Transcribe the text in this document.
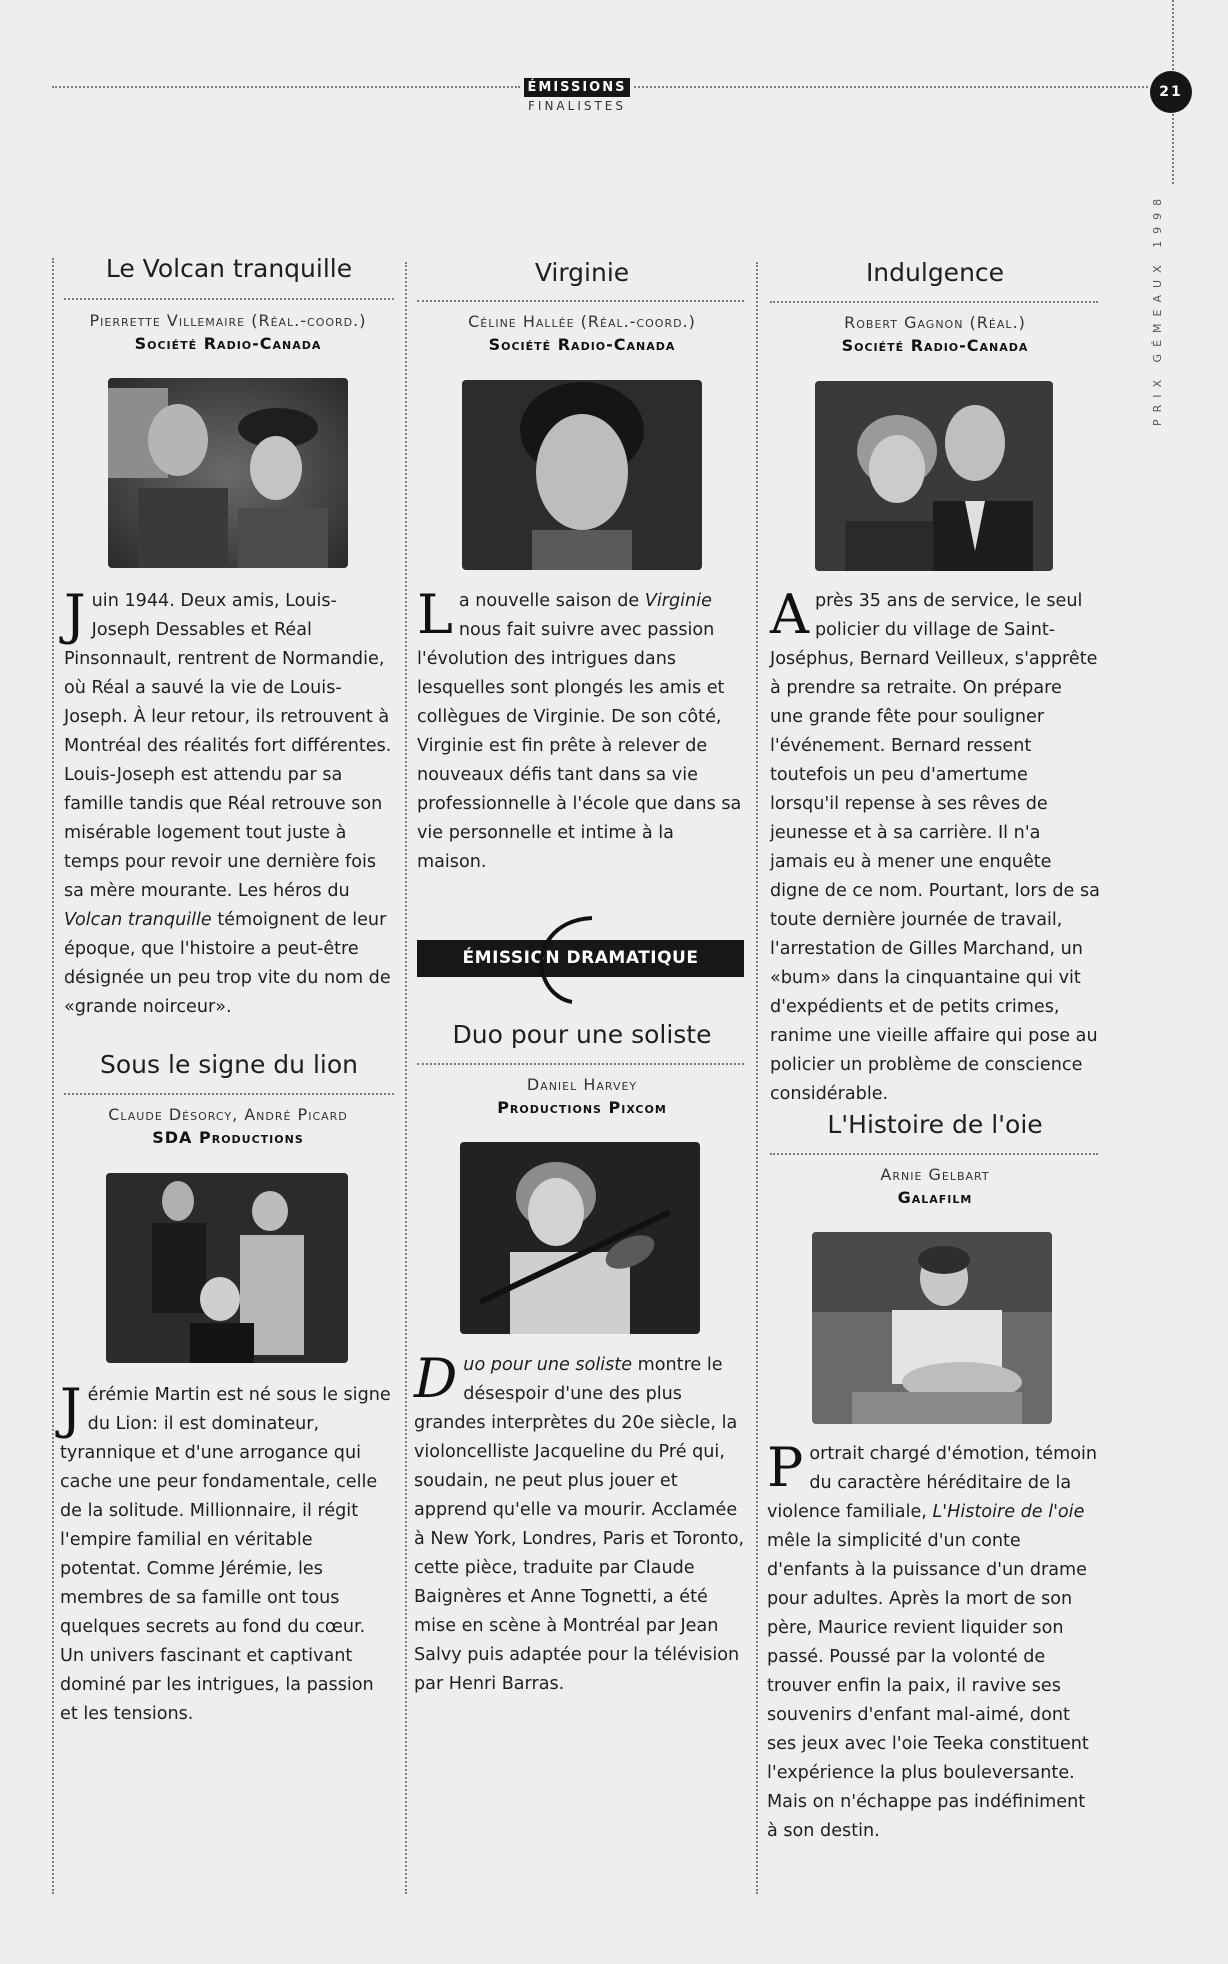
ÉMISSIONS
FINALISTES
21
PRIX GÉMEAUX 1998
Le Volcan tranquille
Pierrette Villemaire (Réal.-coord.)
Société Radio-Canada
Juin 1944. Deux amis, Louis-Joseph Dessables et Réal Pinsonnault, rentrent de Normandie, où Réal a sauvé la vie de Louis-Joseph. À leur retour, ils retrouvent à Montréal des réalités fort différentes. Louis-Joseph est attendu par sa famille tandis que Réal retrouve son misérable logement tout juste à temps pour revoir une dernière fois sa mère mourante. Les héros du Volcan tranquille témoignent de leur époque, que l'histoire a peut-être désignée un peu trop vite du nom de «grande noirceur».
Virginie
Céline Hallée (Réal.-coord.)
Société Radio-Canada
La nouvelle saison de Virginie nous fait suivre avec passion l'évolution des intrigues dans lesquelles sont plongés les amis et collègues de Virginie. De son côté, Virginie est fin prête à relever de nouveaux défis tant dans sa vie professionnelle à l'école que dans sa vie personnelle et intime à la maison.
ÉMISSION DRAMATIQUE
Indulgence
Robert Gagnon (Réal.)
Société Radio-Canada
Après 35 ans de service, le seul policier du village de Saint-Joséphus, Bernard Veilleux, s'apprête à prendre sa retraite. On prépare une grande fête pour souligner l'événement. Bernard ressent toutefois un peu d'amertume lorsqu'il repense à ses rêves de jeunesse et à sa carrière. Il n'a jamais eu à mener une enquête digne de ce nom. Pourtant, lors de sa toute dernière journée de travail, l'arrestation de Gilles Marchand, un «bum» dans la cinquantaine qui vit d'expédients et de petits crimes, ranime une vieille affaire qui pose au policier un problème de conscience considérable.
Sous le signe du lion
Claude Désorcy, André Picard
SDA Productions
Jérémie Martin est né sous le signe du Lion: il est dominateur, tyrannique et d'une arrogance qui cache une peur fondamentale, celle de la solitude. Millionnaire, il régit l'empire familial en véritable potentat. Comme Jérémie, les membres de sa famille ont tous quelques secrets au fond du cœur. Un univers fascinant et captivant dominé par les intrigues, la passion et les tensions.
Duo pour une soliste
Daniel Harvey
Productions Pixcom
Duo pour une soliste montre le désespoir d'une des plus grandes interprètes du 20e siècle, la violoncelliste Jacqueline du Pré qui, soudain, ne peut plus jouer et apprend qu'elle va mourir. Acclamée à New York, Londres, Paris et Toronto, cette pièce, traduite par Claude Baignères et Anne Tognetti, a été mise en scène à Montréal par Jean Salvy puis adaptée pour la télévision par Henri Barras.
L'Histoire de l'oie
Arnie Gelbart
Galafilm
Portrait chargé d'émotion, témoin du caractère héréditaire de la violence familiale, L'Histoire de l'oie mêle la simplicité d'un conte d'enfants à la puissance d'un drame pour adultes. Après la mort de son père, Maurice revient liquider son passé. Poussé par la volonté de trouver enfin la paix, il ravive ses souvenirs d'enfant mal-aimé, dont ses jeux avec l'oie Teeka constituent l'expérience la plus bouleversante. Mais on n'échappe pas indéfiniment à son destin.
